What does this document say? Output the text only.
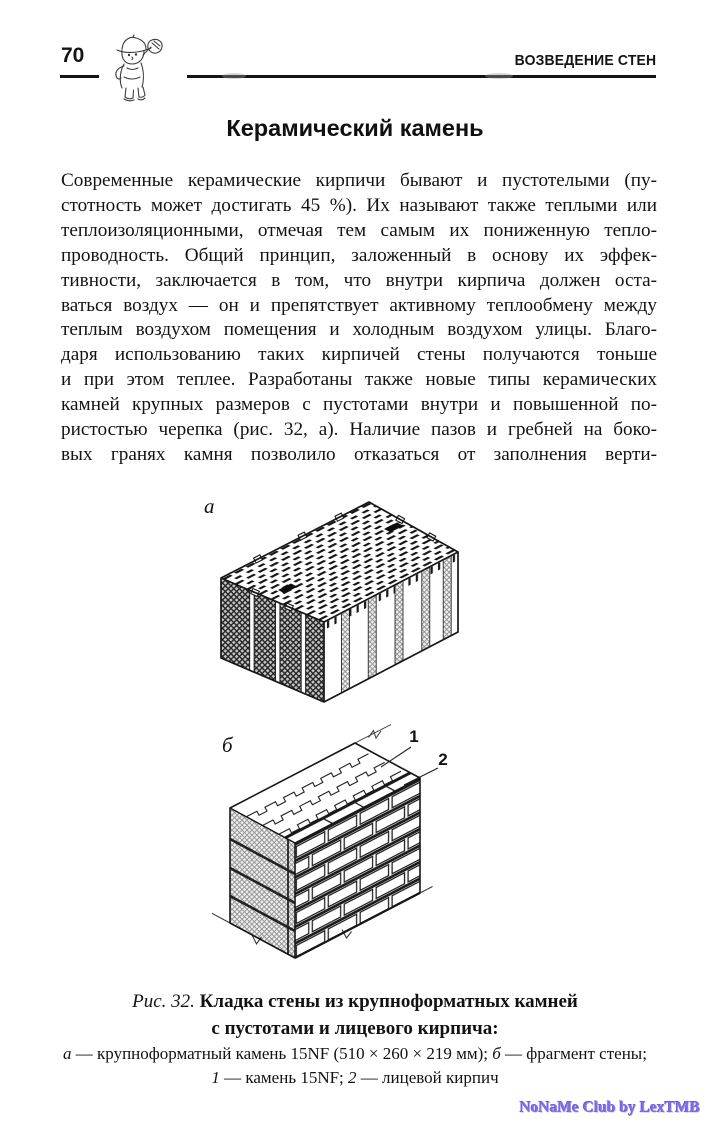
70	ВОЗВЕДЕНИЕ СТЕН
Керамический камень
Современные керамические кирпичи бывают и пустотелыми (пу-
стотность может достигать 45 %). Их называют также теплыми или
теплоизоляционными, отмечая тем самым их пониженную тепло-
проводность. Общий принцип, заложенный в основу их эффек-
тивности, заключается в том, что внутри кирпича должен оста-
ваться воздух — он и препятствует активному теплообмену между
теплым воздухом помещения и холодным воздухом улицы. Благо-
даря использованию таких кирпичей стены получаются тоньше
и при этом теплее. Разработаны также новые типы керамических
камней крупных размеров с пустотами внутри и повышенной по-
ристостью черепка (рис. 32, а). Наличие пазов и гребней на боко-
вых гранях камня позволило отказаться от заполнения верти-
а
б	1
2
Рис. 32. Кладка стены из крупноформатных камней
с пустотами и лицевого кирпича:
а — крупноформатный камень 15NF (510 × 260 × 219 мм); б — фрагмент стены;
1 — камень 15NF; 2 — лицевой кирпич
NoNaMe Club by LexTMB
